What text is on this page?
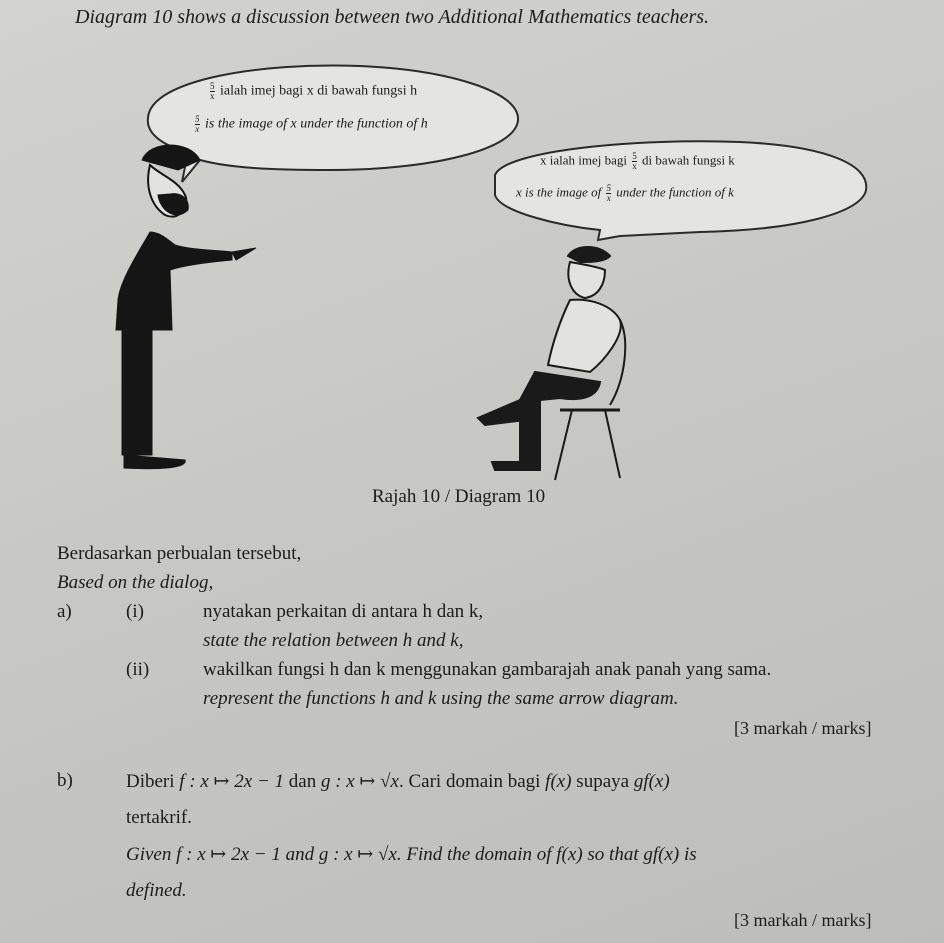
Diagram 10 shows a discussion between two Additional Mathematics teachers.
$\frac{5}{x}$ ialah imej bagi x di bawah fungsi h
$\frac{5}{x}$ is the image of x under the function of h
x ialah imej bagi $\frac{5}{x}$ di bawah fungsi k
x is the image of $\frac{5}{x}$ under the function of k
Rajah 10 / Diagram 10
Berdasarkan perbualan tersebut,
Based on the dialog,
a)	(i)	nyatakan perkaitan di antara h dan k,
state the relation between h and k,
(ii)	wakilkan fungsi h dan k menggunakan gambarajah anak panah yang sama.
represent the functions h and k using the same arrow diagram.
[3 markah / marks]
b)	Diberi f : x ↦ 2x − 1 dan g : x ↦ √x. Cari domain bagi f(x) supaya gf(x)
tertakrif.
Given f : x ↦ 2x − 1 and g : x ↦ √x. Find the domain of f(x) so that gf(x) is
defined.
[3 markah / marks]
